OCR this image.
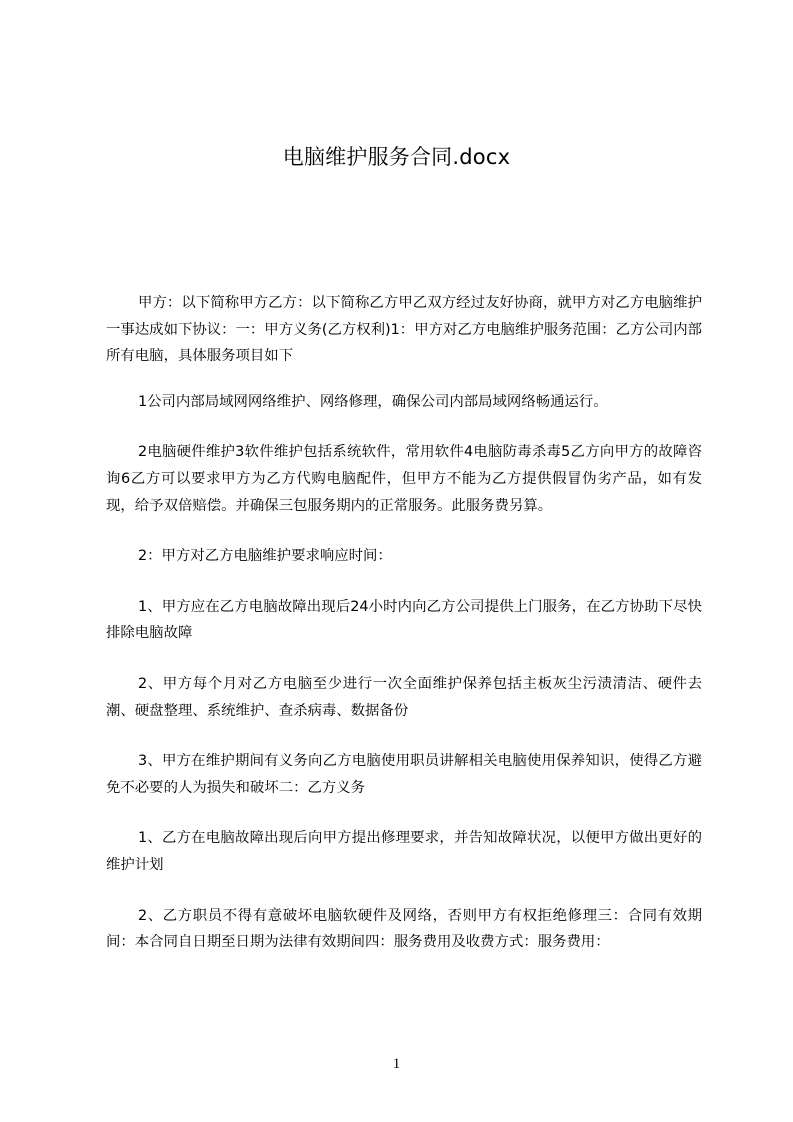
电脑维护服务合同.docx

甲方：以下简称甲方乙方：以下简称乙方甲乙双方经过友好协商，就甲方对乙方电脑维护一事达成如下协议：一：甲方义务(乙方权利)1：甲方对乙方电脑维护服务范围：乙方公司内部所有电脑，具体服务项目如下

1公司内部局域网网络维护、网络修理，确保公司内部局域网络畅通运行。

2电脑硬件维护3软件维护包括系统软件，常用软件4电脑防毒杀毒5乙方向甲方的故障咨询6乙方可以要求甲方为乙方代购电脑配件，但甲方不能为乙方提供假冒伪劣产品，如有发现，给予双倍赔偿。并确保三包服务期内的正常服务。此服务费另算。

2：甲方对乙方电脑维护要求响应时间：

1、甲方应在乙方电脑故障出现后24小时内向乙方公司提供上门服务，在乙方协助下尽快排除电脑故障

2、甲方每个月对乙方电脑至少进行一次全面维护保养包括主板灰尘污渍清洁、硬件去潮、硬盘整理、系统维护、查杀病毒、数据备份

3、甲方在维护期间有义务向乙方电脑使用职员讲解相关电脑使用保养知识，使得乙方避免不必要的人为损失和破坏二：乙方义务

1、乙方在电脑故障出现后向甲方提出修理要求，并告知故障状况，以便甲方做出更好的维护计划

2、乙方职员不得有意破坏电脑软硬件及网络，否则甲方有权拒绝修理三：合同有效期间：本合同自日期至日期为法律有效期间四：服务费用及收费方式：服务费用：

1
